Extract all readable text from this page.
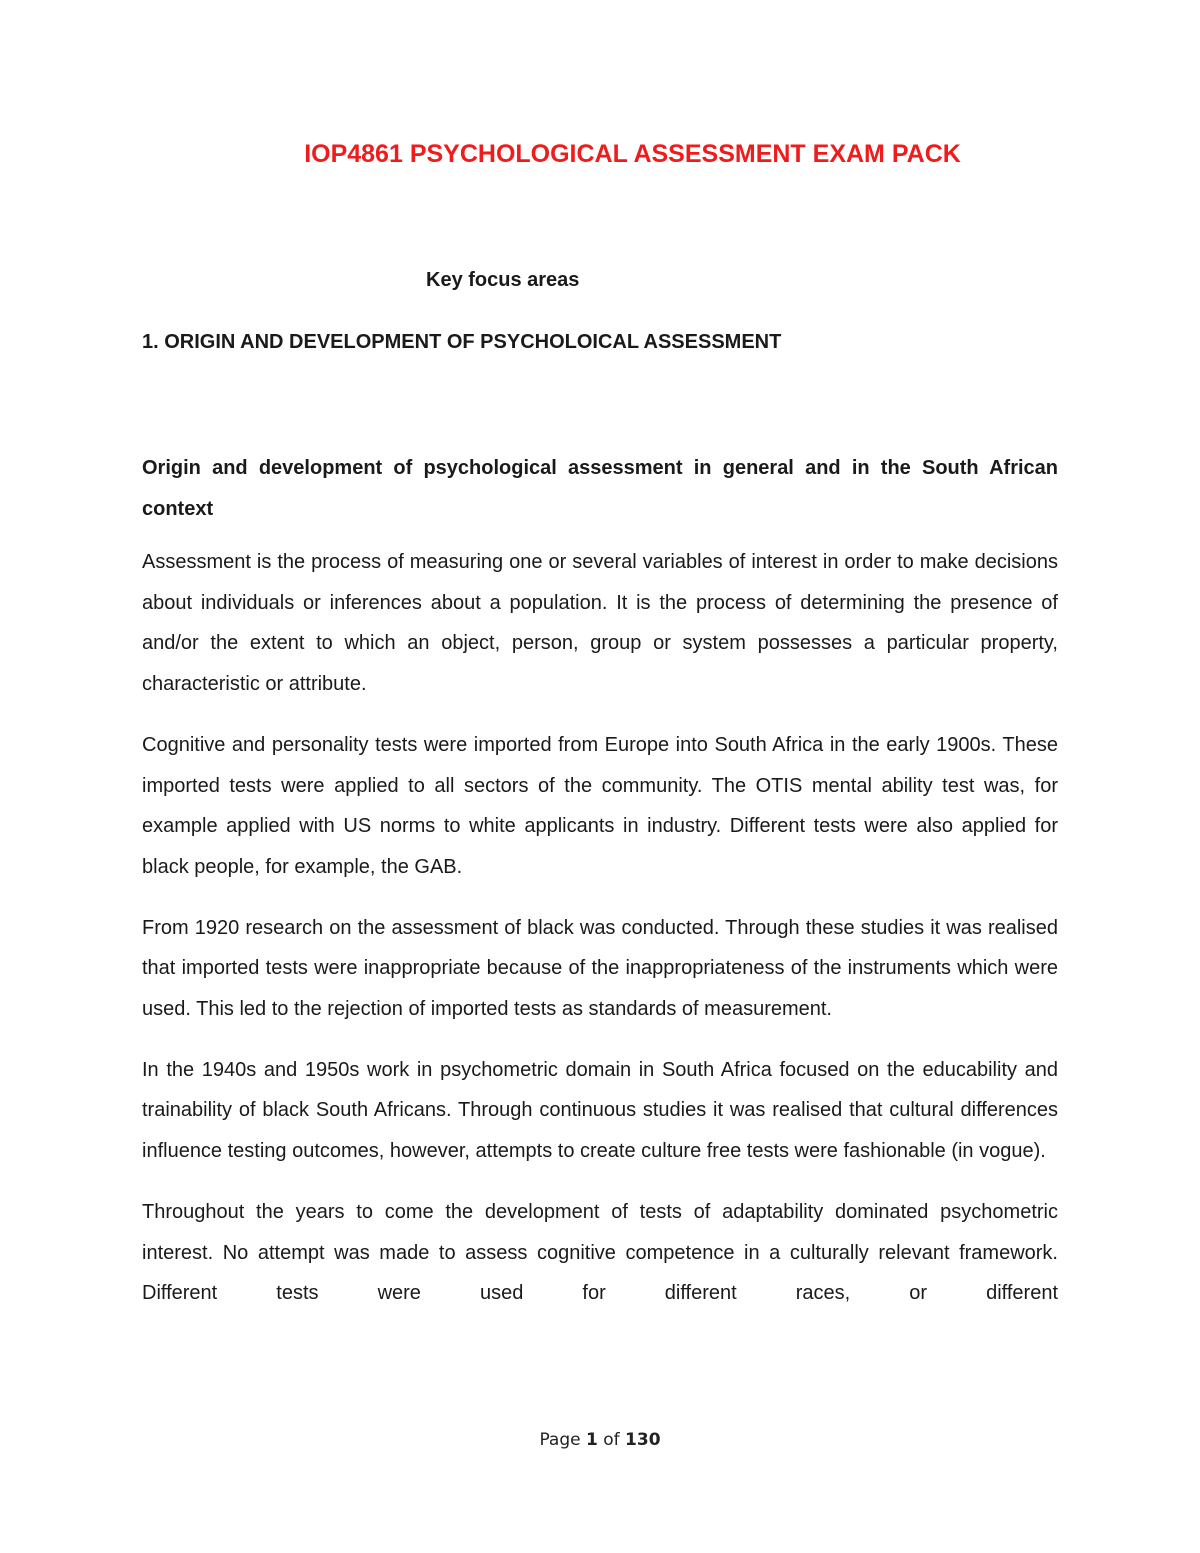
IOP4861 PSYCHOLOGICAL ASSESSMENT EXAM PACK
Key focus areas
1. ORIGIN AND DEVELOPMENT OF PSYCHOLOICAL ASSESSMENT
Origin and development of psychological assessment in general and in the South African context

Assessment is the process of measuring one or several variables of interest in order to make decisions about individuals or inferences about a population. It is the process of determining the presence of and/or the extent to which an object, person, group or system possesses a particular property, characteristic or attribute.

Cognitive and personality tests were imported from Europe into South Africa in the early 1900s. These imported tests were applied to all sectors of the community. The OTIS mental ability test was, for example applied with US norms to white applicants in industry. Different tests were also applied for black people, for example, the GAB.

From 1920 research on the assessment of black was conducted. Through these studies it was realised that imported tests were inappropriate because of the inappropriateness of the instruments which were used. This led to the rejection of imported tests as standards of measurement.

In the 1940s and 1950s work in psychometric domain in South Africa focused on the educability and trainability of black South Africans. Through continuous studies it was realised that cultural differences influence testing outcomes, however, attempts to create culture free tests were fashionable (in vogue).

Throughout the years to come the development of tests of adaptability dominated psychometric interest. No attempt was made to assess cognitive competence in a culturally relevant framework. Different tests were used for different races, or different

Page 1 of 130
